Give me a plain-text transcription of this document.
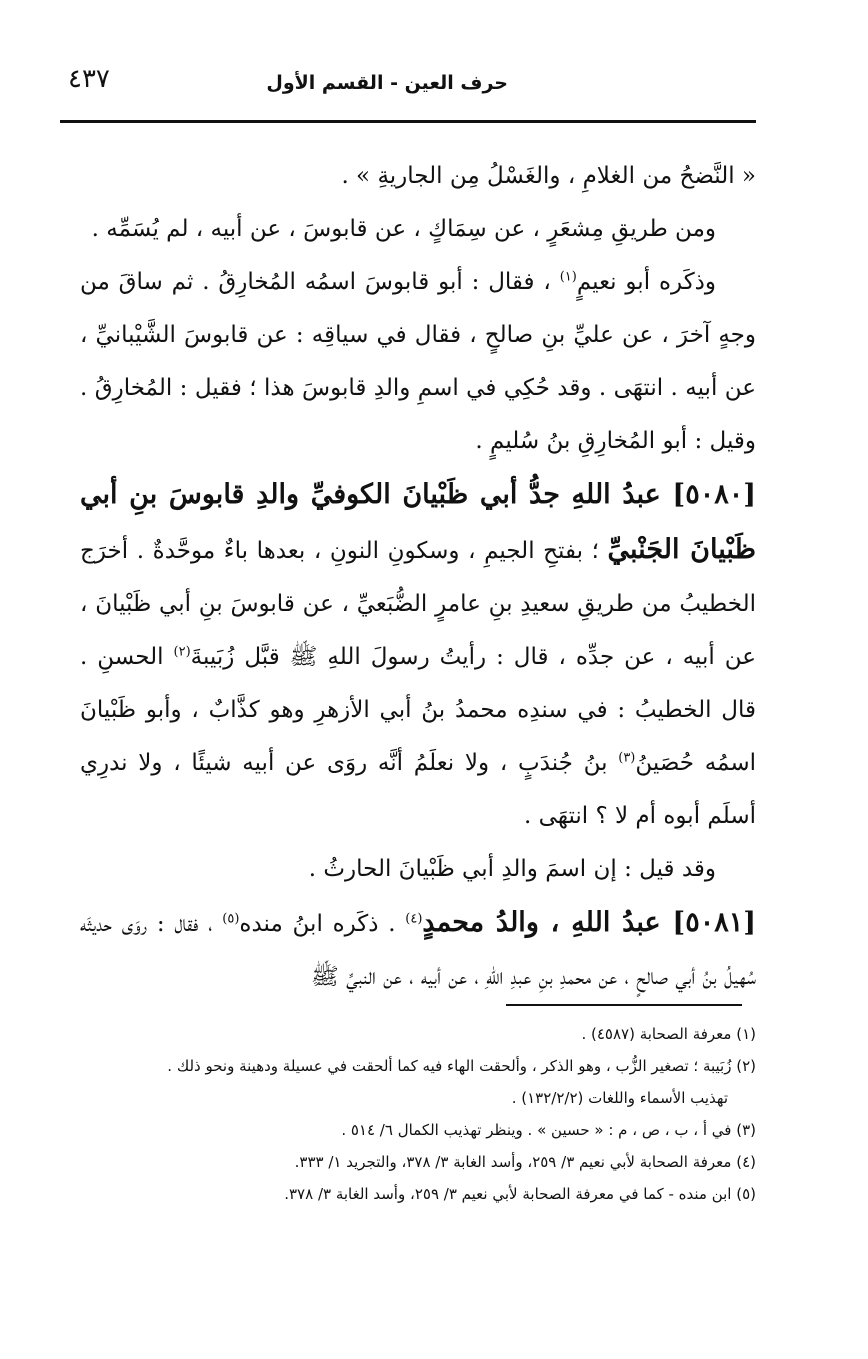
حرف العين - القسم الأول
٤٣٧

« النَّضحُ من الغلامِ ، والغَسْلُ مِن الجاريةِ » .

ومن طريقِ مِشعَرٍ ، عن سِمَاكٍ ، عن قابوسَ ، عن أبيه ، لم يُسَمِّه .

وذكَره أبو نعيمٍ$^{(١)}$ ، فقال : أبو قابوسَ اسمُه المُخارِقُ . ثم ساقَ من وجهٍ آخرَ ، عن عليِّ بنِ صالحٍ ، فقال في سياقِه : عن قابوسَ الشَّيْبانيِّ ، عن أبيه . انتهَى . وقد حُكِي في اسمِ والدِ قابوسَ هذا ؛ فقيل : المُخارِقُ . وقيل : أبو المُخارِقِ بنُ سُليمٍ .

[٥٠٨٠] عبدُ اللهِ جدُّ أبي ظَبْيانَ الكوفيِّ والدِ قابوسَ بنِ أبي ظَبْيانَ الجَنْبيِّ ؛ بفتحِ الجيمِ ، وسكونِ النونِ ، بعدها باءٌ موحَّدةٌ . أخرَج الخطيبُ من طريقِ سعيدِ بنِ عامرٍ الضُّبَعيِّ ، عن قابوسَ بنِ أبي ظَبْيانَ ، عن أبيه ، عن جدِّه ، قال : رأيتُ رسولَ اللهِ ﷺ قبَّل زُبَيبةَ$^{(٢)}$ الحسنِ . قال الخطيبُ : في سندِه محمدُ بنُ أبي الأزهرِ وهو كذَّابٌ ، وأبو ظَبْيانَ اسمُه حُصَينُ$^{(٣)}$ بنُ جُندَبٍ ، ولا نعلَمُ أنَّه روَى عن أبيه شيئًا ، ولا ندرِي أسلَم أبوه أم لا ؟ انتهَى .

وقد قيل : إن اسمَ والدِ أبي ظَبْيانَ الحارثُ .

[٥٠٨١] عبدُ اللهِ ، والدُ محمدٍ$^{(٤)}$ . ذكَره ابنُ منده$^{(٥)}$ ، فقال : روَى حديثَه سُهيلُ بنُ أبي صالحٍ ، عن محمدِ بنِ عبدِ اللهِ ، عن أبيه ، عن النبيِّ ﷺ

(١) معرفة الصحابة (٤٥٨٧) .

(٢) زُبَيبة ؛ تصغير الزُّب ، وهو الذكر ، وألحقت الهاء فيه كما ألحقت في عسيلة ودهينة ونحو ذلك .

تهذيب الأسماء واللغات (١٣٢/٢/٢) .

(٣) في أ ، ب ، ص ، م : « حسين » . وينظر تهذيب الكمال ٦/ ٥١٤ .

(٤) معرفة الصحابة لأبي نعيم ٣/ ٢٥٩، وأسد الغابة ٣/ ٣٧٨، والتجريد ١/ ٣٣٣.

(٥) ابن منده - كما في معرفة الصحابة لأبي نعيم ٣/ ٢٥٩، وأسد الغابة ٣/ ٣٧٨.
